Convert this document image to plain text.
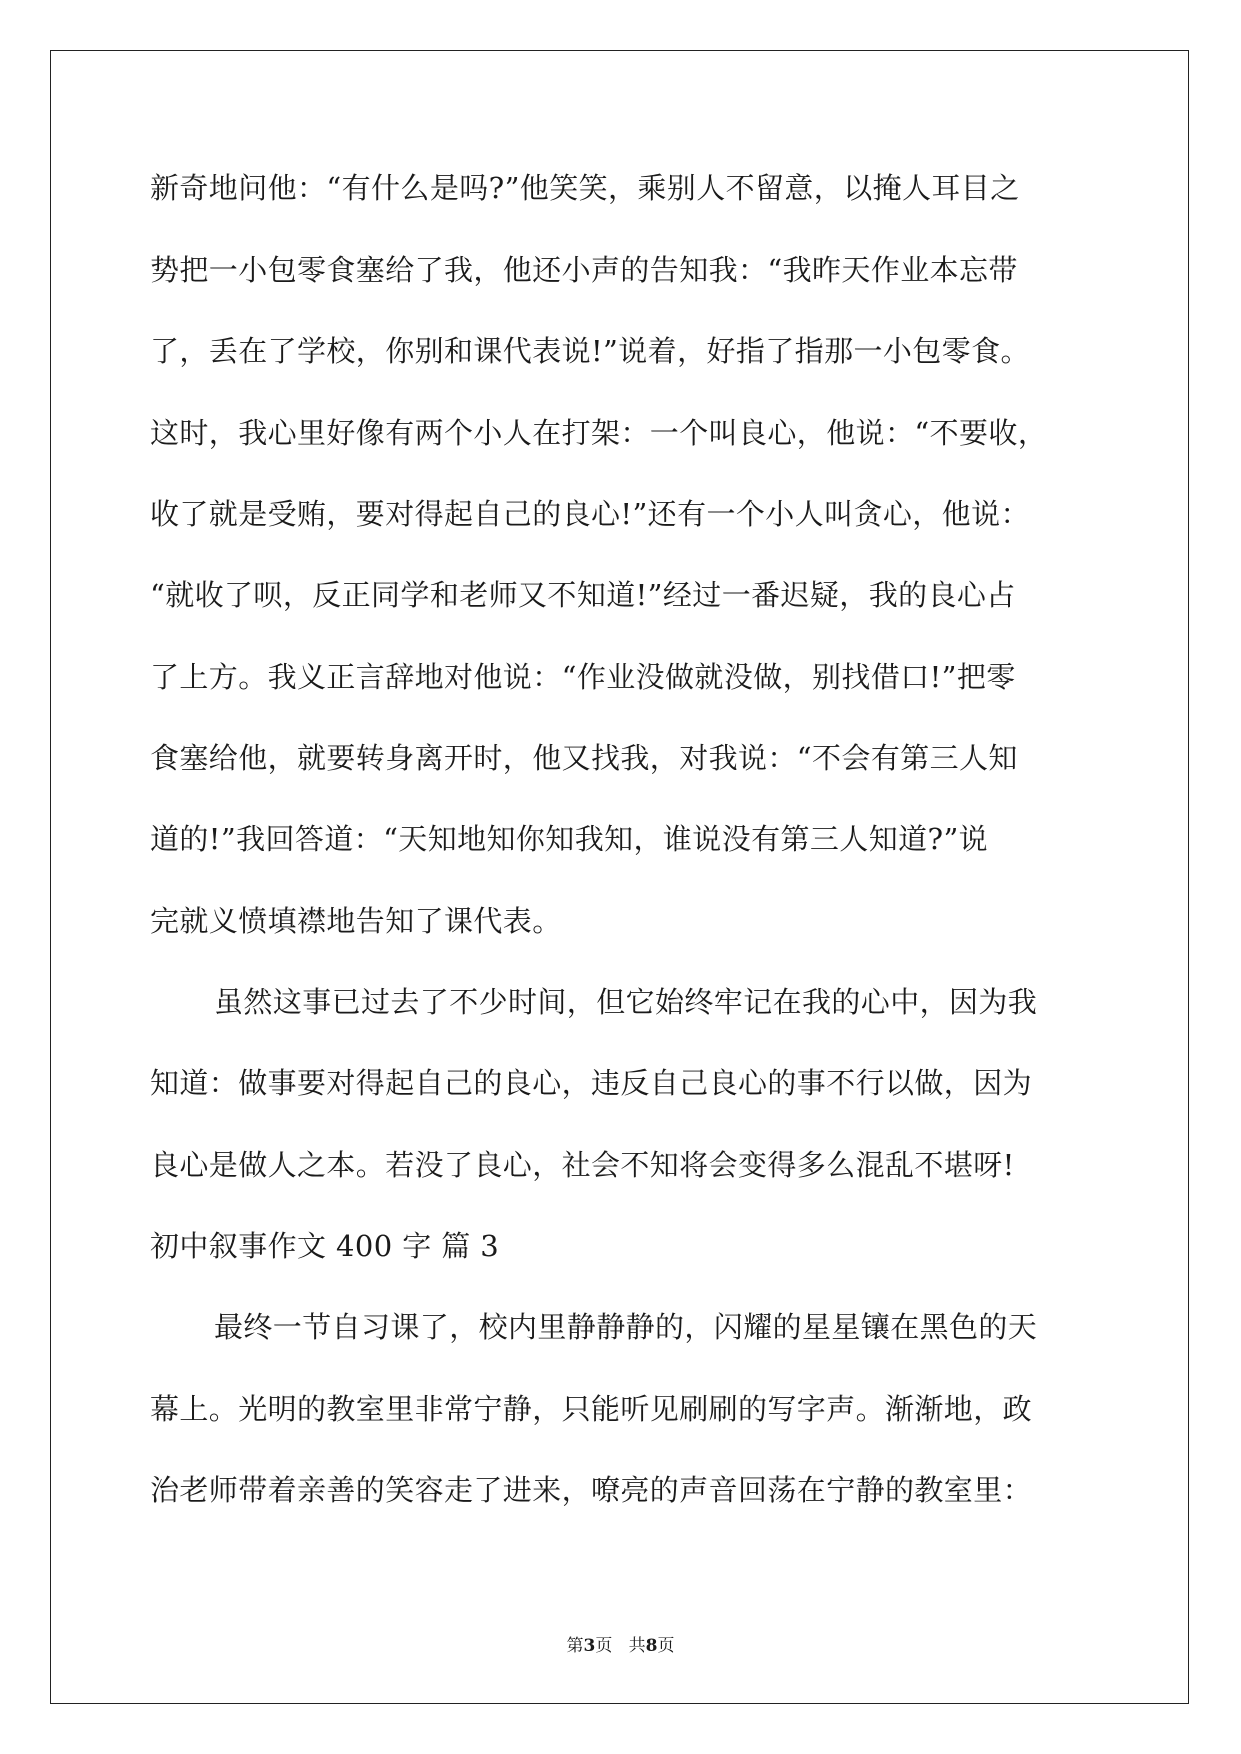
新奇地问他：“有什么是吗?”他笑笑，乘别人不留意，以掩人耳目之
势把一小包零食塞给了我，他还小声的告知我：“我昨天作业本忘带
了，丢在了学校，你别和课代表说!”说着，好指了指那一小包零食。
这时，我心里好像有两个小人在打架：一个叫良心，他说：“不要收，
收了就是受贿，要对得起自己的良心!”还有一个小人叫贪心，他说：
“就收了呗，反正同学和老师又不知道!”经过一番迟疑，我的良心占
了上方。我义正言辞地对他说：“作业没做就没做，别找借口!”把零
食塞给他，就要转身离开时，他又找我，对我说：“不会有第三人知
道的!”我回答道：“天知地知你知我知，谁说没有第三人知道?”说
完就义愤填襟地告知了课代表。
虽然这事已过去了不少时间，但它始终牢记在我的心中，因为我
知道：做事要对得起自己的良心，违反自己良心的事不行以做，因为
良心是做人之本。若没了良心，社会不知将会变得多么混乱不堪呀!
初中叙事作文 400 字 篇 3
最终一节自习课了，校内里静静静的，闪耀的星星镶在黑色的天
幕上。光明的教室里非常宁静，只能听见刷刷的写字声。渐渐地，政
治老师带着亲善的笑容走了进来，嘹亮的声音回荡在宁静的教室里：
第3页   共8页
